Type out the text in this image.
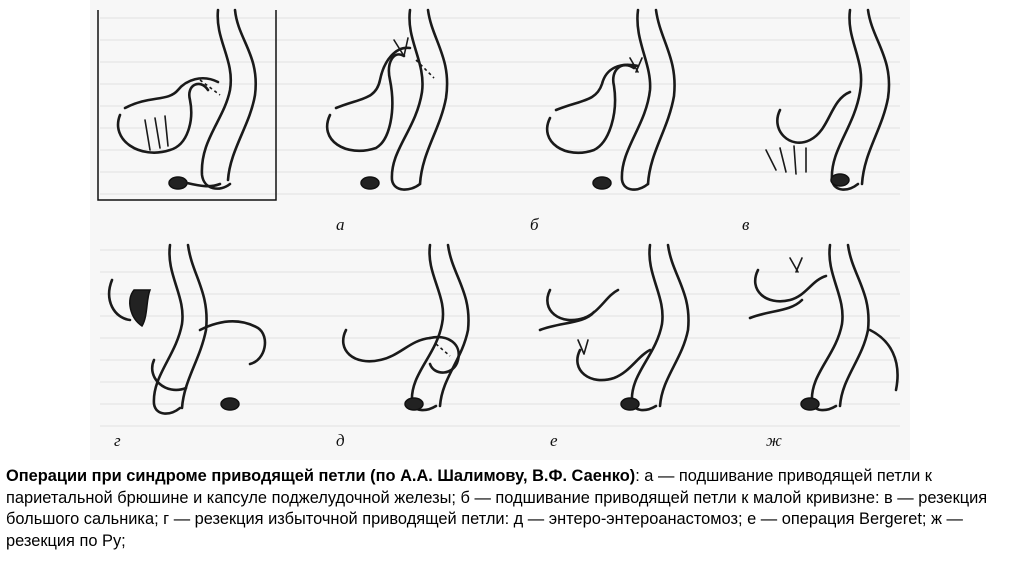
а	б	в
г	д	е	ж
Операции при синдроме приводящей петли (по А.А. Шалимову, В.Ф. Саенко): а — подшивание приводящей петли к париетальной брюшине и капсуле поджелудочной железы; б — подшивание приводящей петли к малой кривизне: в — резекция большого сальника; г — резекция избыточной приводящей петли: д — энтеро-энтероанастомоз; е — операция Bergeret; ж — резекция по Ру;
